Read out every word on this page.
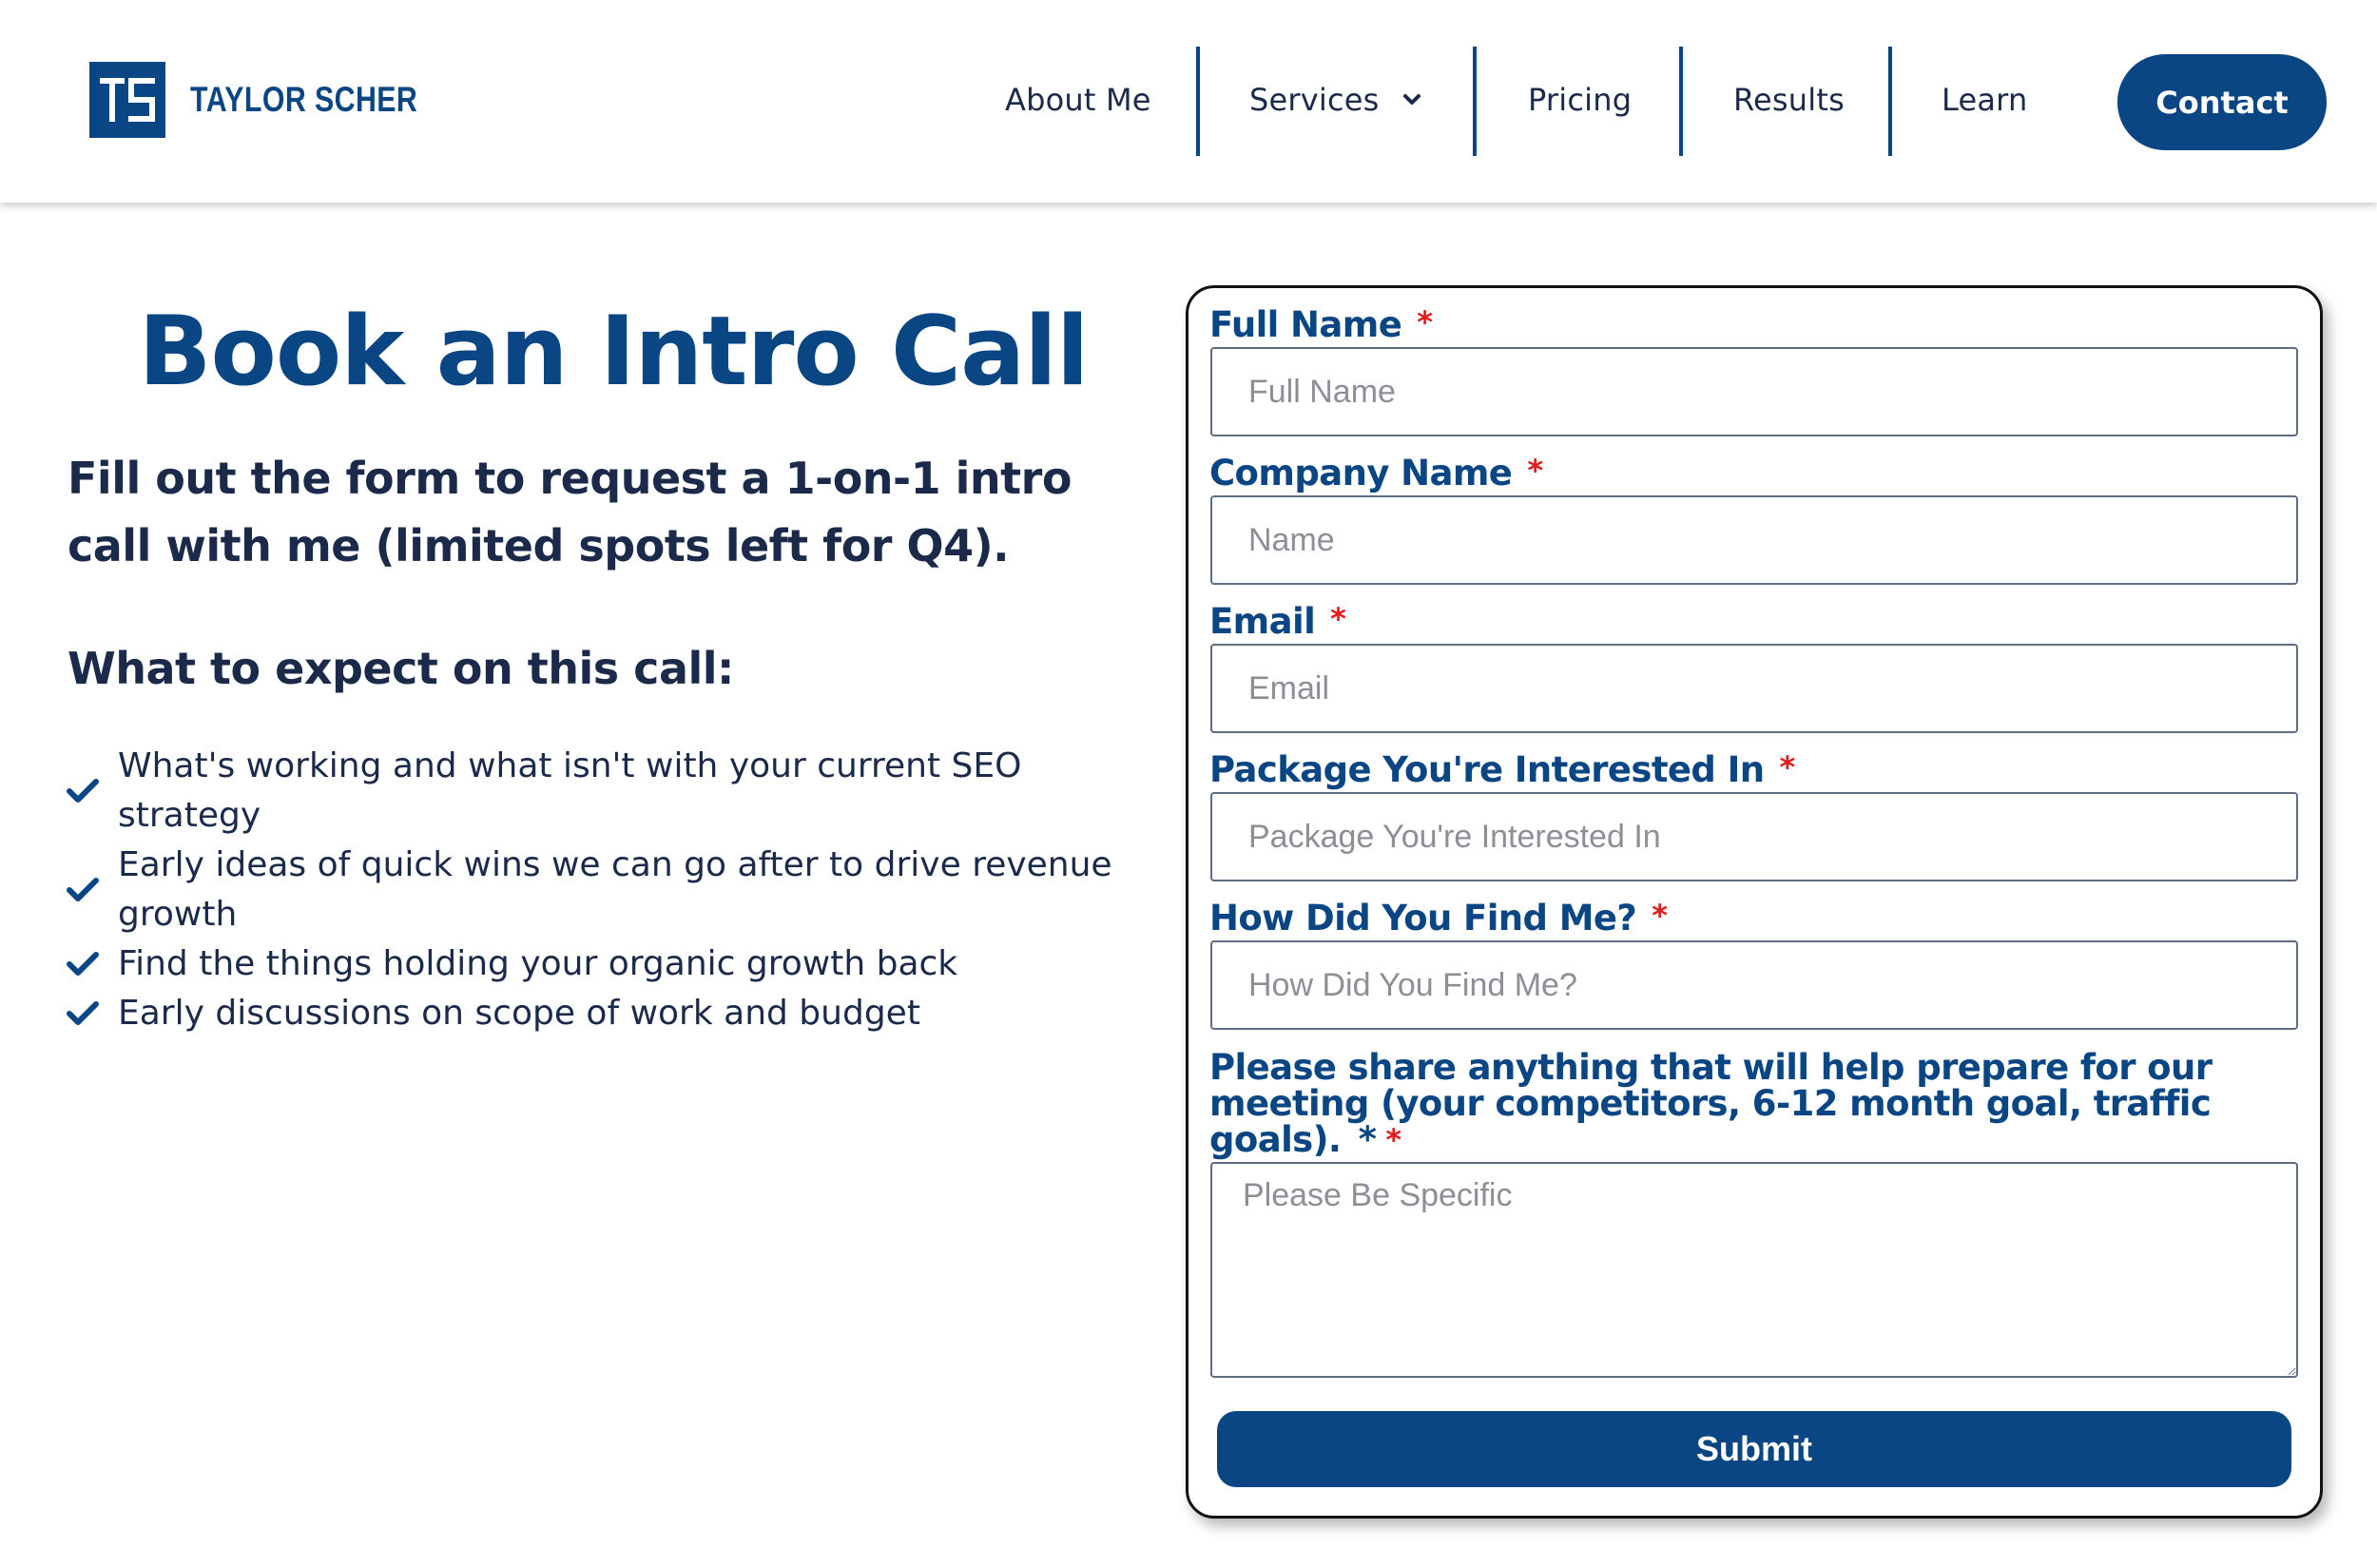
TAYLOR SCHER	About Me	Services	Pricing	Results	Learn	Contact
Book an Intro Call

Fill out the form to request a 1-on-1 intro call with me (limited spots left for Q4).

What to expect on this call:
What's working and what isn't with your current SEO strategy
Early ideas of quick wins we can go after to drive revenue growth
Find the things holding your organic growth back
Early discussions on scope of work and budget
Full Name *
Full Name
Company Name *
Name
Email *
Email
Package You're Interested In *
Package You're Interested In
How Did You Find Me? *
How Did You Find Me?
Please share anything that will help prepare for our meeting (your competitors, 6-12 month goal, traffic goals). * *
Please Be Specific
Submit
